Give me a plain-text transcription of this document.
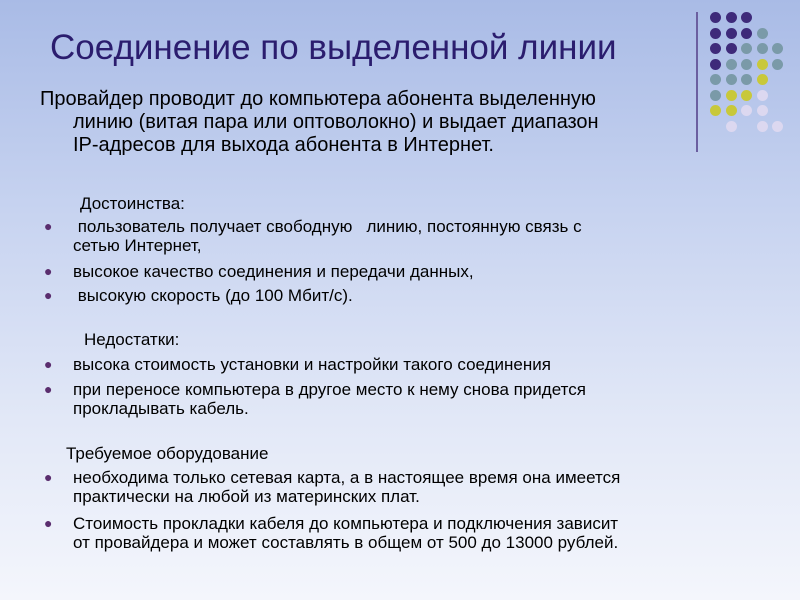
Соединение по выделенной линии
Провайдер проводит до компьютера абонента выделенную
линию (витая пара или оптоволокно) и выдает диапазон
IP-адресов для выхода абонента в Интернет.
Достоинства:
● пользователь получает свободную   линию, постоянную связь с
сетью Интернет,
● высокое качество соединения и передачи данных,
● высокую скорость (до 100 Мбит/с).
Недостатки:
● высока стоимость установки и настройки такого соединения
● при переносе компьютера в другое место к нему снова придется
прокладывать кабель.
Требуемое оборудование
● необходима только сетевая карта, а в настоящее время она имеется
практически на любой из материнских плат.
● Стоимость прокладки кабеля до компьютера и подключения зависит
от провайдера и может составлять в общем от 500 до 13000 рублей.
